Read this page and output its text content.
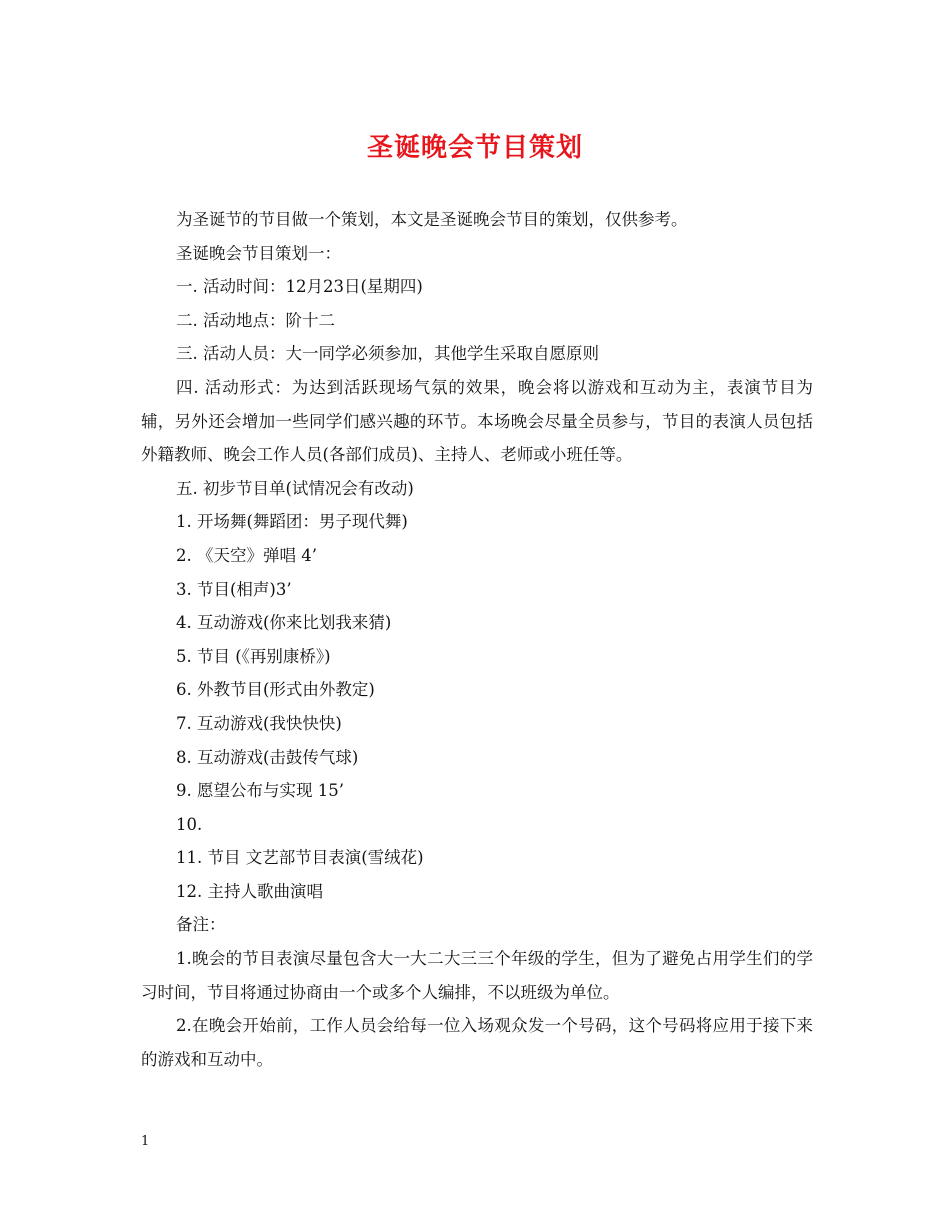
圣诞晚会节目策划

为圣诞节的节目做一个策划，本文是圣诞晚会节目的策划，仅供参考。

圣诞晚会节目策划一：

一. 活动时间：12月23日(星期四)

二. 活动地点：阶十二

三. 活动人员：大一同学必须参加，其他学生采取自愿原则

四. 活动形式：为达到活跃现场气氛的效果，晚会将以游戏和互动为主，表演节目为辅，另外还会增加一些同学们感兴趣的环节。本场晚会尽量全员参与，节目的表演人员包括外籍教师、晚会工作人员(各部们成员)、主持人、老师或小班任等。

五. 初步节目单(试情况会有改动)

1. 开场舞(舞蹈团：男子现代舞)

2. 《天空》弹唱 4’

3. 节目(相声)3’

4. 互动游戏(你来比划我来猜)

5. 节目 (《再别康桥》)

6. 外教节目(形式由外教定)

7. 互动游戏(我快快快)

8. 互动游戏(击鼓传气球)

9. 愿望公布与实现 15’

10.

11. 节目 文艺部节目表演(雪绒花)

12. 主持人歌曲演唱

备注：

1.晚会的节目表演尽量包含大一大二大三三个年级的学生，但为了避免占用学生们的学习时间，节目将通过协商由一个或多个人编排，不以班级为单位。

2.在晚会开始前，工作人员会给每一位入场观众发一个号码，这个号码将应用于接下来的游戏和互动中。

1
